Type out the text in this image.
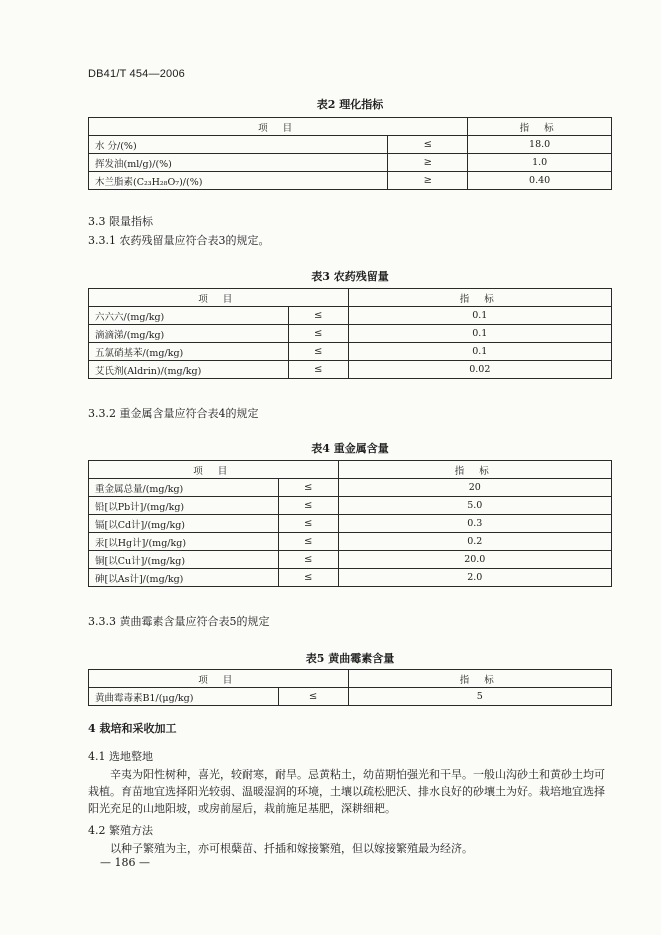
DB41/T 454—2006
表2 理化指标
项 目		指 标
水 分/(%)	≤	18.0
挥发油(ml/g)/(%)	≥	1.0
木兰脂素(C₂₃H₂₈O₇)/(%)	≥	0.40
3.3 限量指标
3.3.1 农药残留量应符合表3的规定。
表3 农药残留量
项 目		指 标
六六六/(mg/kg)	≤	0.1
滴滴涕/(mg/kg)	≤	0.1
五氯硝基苯/(mg/kg)	≤	0.1
艾氏剂(Aldrin)/(mg/kg)	≤	0.02
3.3.2 重金属含量应符合表4的规定
表4 重金属含量
项 目		指 标
重金属总量/(mg/kg)	≤	20
铅[以Pb计]/(mg/kg)	≤	5.0
镉[以Cd计]/(mg/kg)	≤	0.3
汞[以Hg计]/(mg/kg)	≤	0.2
铜[以Cu计]/(mg/kg)	≤	20.0
砷[以As计]/(mg/kg)	≤	2.0
3.3.3 黄曲霉素含量应符合表5的规定
表5 黄曲霉素含量
项 目		指 标
黄曲霉毒素B1/(μg/kg)	≤	5
4 栽培和采收加工
4.1 选地整地

辛夷为阳性树种，喜光，较耐寒，耐旱。忌黄粘土，幼苗期怕强光和干旱。一般山沟砂土和黄砂土均可栽植。育苗地宜选择阳光较弱、温暖湿润的环境，土壤以疏松肥沃、排水良好的砂壤土为好。栽培地宜选择阳光充足的山地阳坡，或房前屋后，栽前施足基肥，深耕细耙。

4.2 繁殖方法

以种子繁殖为主，亦可根蘖苗、扦插和嫁接繁殖，但以嫁接繁殖最为经济。

— 186 —
